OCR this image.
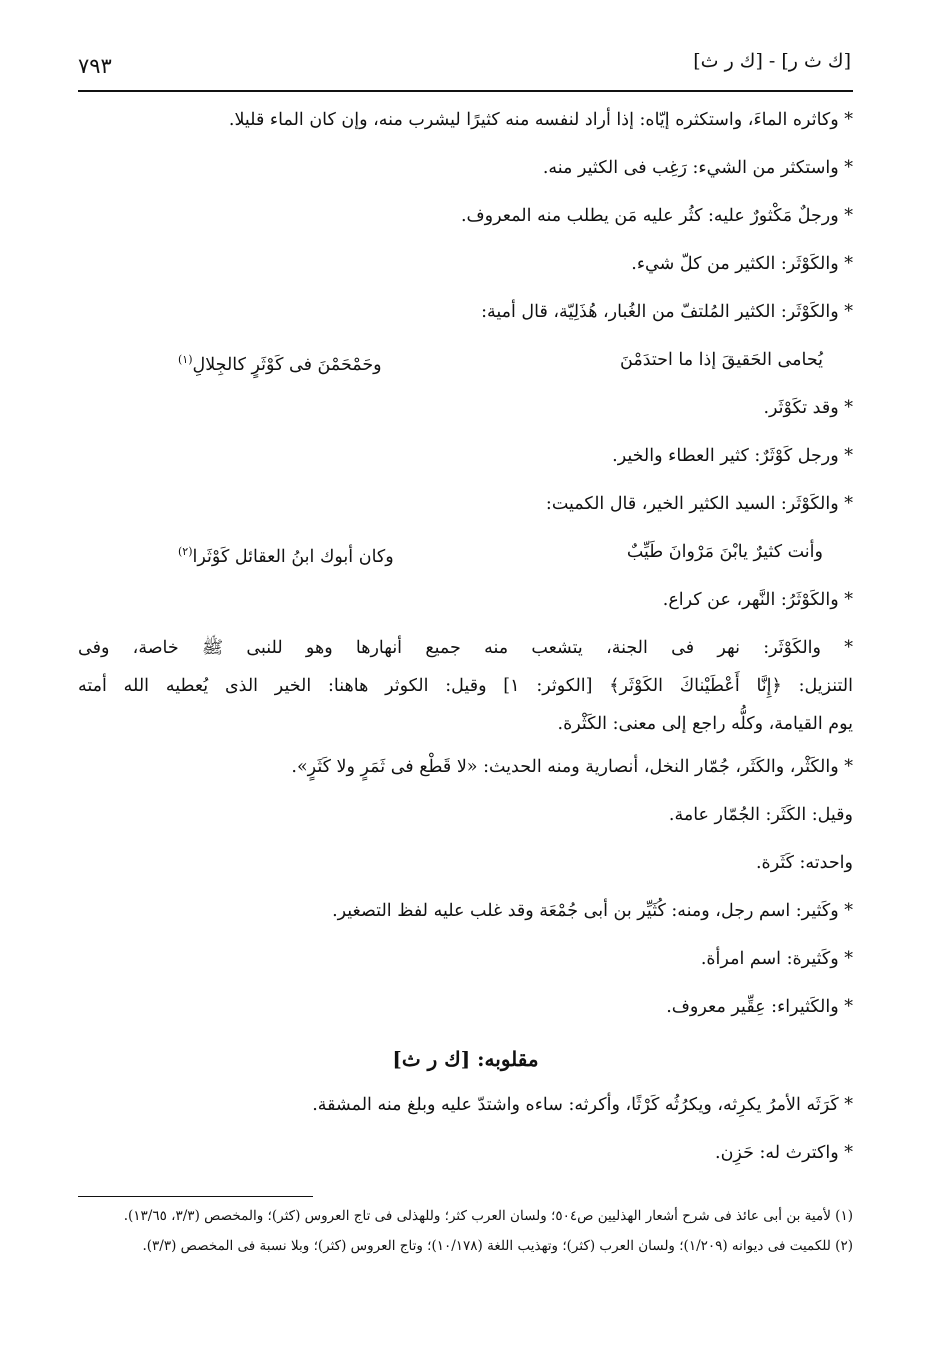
[ك ث ر] - [ك ر ث]
٧٩٣
* وكاثره الماءَ، واستكثره إيّاه: إذا أراد لنفسه منه كثيرًا ليشرب منه، وإن كان الماء قليلا.
* واستكثر من الشيء: رَغِب فى الكثير منه.
* ورجلٌ مَكْثورٌ عليه: كثُر عليه مَن يطلب منه المعروف.
* والكَوْثَر: الكثير من كلّ شيء.
* والكَوْثَر: الكثير المُلتفّ من الغُبار، هُذَلِيّة، قال أمية:
يُحامى الحَقيقَ إذا ما احتدَمْنَ
وحَمْحَمْنَ فى كَوْثَرٍ كالجِلالِ$^{(١)}$
* وقد تكَوْثَر.
* ورجل كَوْثَرٌ: كثير العطاء والخير.
* والكَوْثَر: السيد الكثير الخير، قال الكميت:
وأنت كثيرٌ يابْنَ مَرْوانَ طَيِّبٌ
وكان أبوك ابنُ العقائل كَوْثَرا$^{(٢)}$
* والكَوْثَرُ: النَّهر، عن كراع.
* والكَوْثَر: نهر فى الجنة، يتشعب منه جميع أنهارها وهو للنبى ﷺ خاصة، وفى
التنزيل: ﴿إِنَّا أَعْطَيْناكَ الكَوْثَر﴾ [الكوثر: ١] وقيل: الكوثر هاهنا: الخير الذى يُعطيه الله أمته
يوم القيامة، وكلُّه راجع إلى معنى: الكَثْرة.
* والكَثْر، والكَثَر، جُمّار النخل، أنصارية ومنه الحديث: «لا قَطْع فى ثَمَرٍ ولا كَثَرٍ».
وقيل: الكَثَر: الجُمّار عامة.
واحدته: كَثَرة.
* وكَثير: اسم رجل، ومنه: كُثَيِّر بن أبى جُمْعَة وقد غلب عليه لفظ التصغير.
* وكَثيرة: اسم امرأة.
* والكَثيراء: عِقِّير معروف.
مقلوبه: [ك ر ث]
* كَرَثَه الأمرُ يكرِثه، ويكرُثُه كَرْثًا، وأكرثه: ساءه واشتدّ عليه وبلغ منه المشقة.
* واكترث له: حَزِن.
(١) لأمية بن أبى عائذ فى شرح أشعار الهذليين ص٥٠٤؛ ولسان العرب كثر؛ وللهذلى فى تاج العروس (كثر)؛ والمخصص (٣/٣، ١٣/٦٥).
(٢) للكميت فى ديوانه (١/٢٠٩)؛ ولسان العرب (كثر)؛ وتهذيب اللغة (١٠/١٧٨)؛ وتاج العروس (كثر)؛ وبلا نسبة فى المخصص (٣/٣).
